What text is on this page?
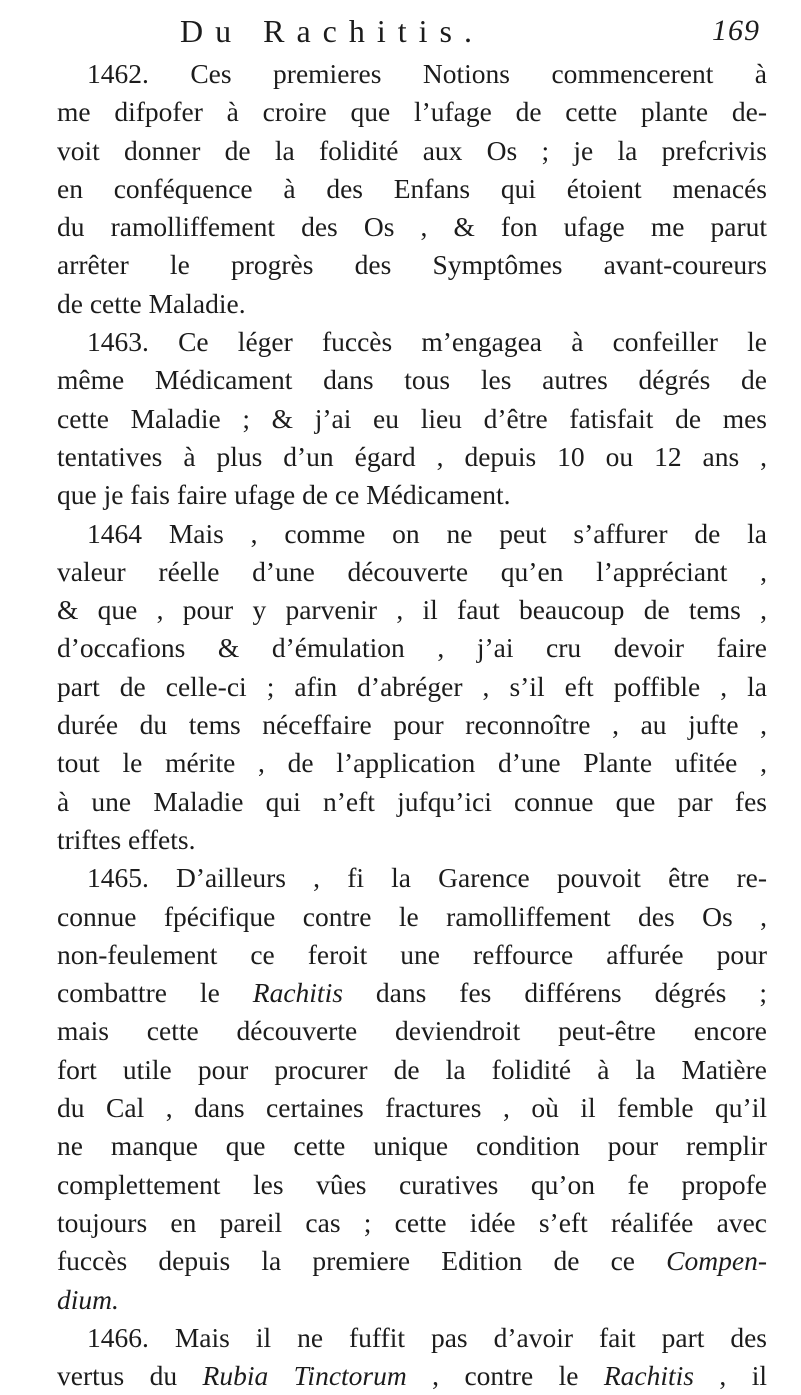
Du Rachitis.	169
1462. Ces premieres Notions commencerent à
me difpofer à croire que l’ufage de cette plante de-
voit donner de la folidité aux Os ; je la prefcrivis
en conféquence à des Enfans qui étoient menacés
du ramolliffement des Os , & fon ufage me parut
arrêter le progrès des Symptômes avant-coureurs
de cette Maladie.
1463. Ce léger fuccès m’engagea à confeiller le
même Médicament dans tous les autres dégrés de
cette Maladie ; & j’ai eu lieu d’être fatisfait de mes
tentatives à plus d’un égard , depuis 10 ou 12 ans ,
que je fais faire ufage de ce Médicament.
1464 Mais , comme on ne peut s’affurer de la
valeur réelle d’une découverte qu’en l’appréciant ,
& que , pour y parvenir , il faut beaucoup de tems ,
d’occafions & d’émulation , j’ai cru devoir faire
part de celle-ci ; afin d’abréger , s’il eft poffible , la
durée du tems néceffaire pour reconnoître , au jufte ,
tout le mérite , de l’application d’une Plante ufitée ,
à une Maladie qui n’eft jufqu’ici connue que par fes
triftes effets.
1465. D’ailleurs , fi la Garence pouvoit être re-
connue fpécifique contre le ramolliffement des Os ,
non-feulement ce feroit une reffource affurée pour
combattre le Rachitis dans fes différens dégrés ;
mais cette découverte deviendroit peut-être encore
fort utile pour procurer de la folidité à la Matière
du Cal , dans certaines fractures , où il femble qu’il
ne manque que cette unique condition pour remplir
complettement les vûes curatives qu’on fe propofe
toujours en pareil cas ; cette idée s’eft réalifée avec
fuccès depuis la premiere Edition de ce Compen-
dium.
1466. Mais il ne fuffit pas d’avoir fait part des
vertus du Rubia Tinctorum , contre le Rachitis , il
